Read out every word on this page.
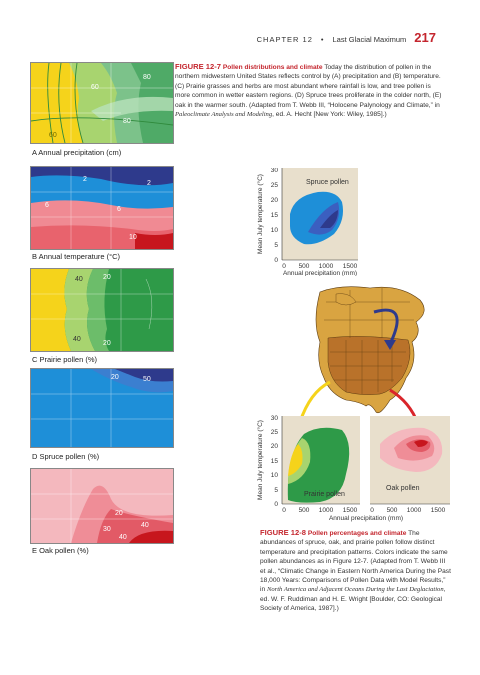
CHAPTER 12 • Last Glacial Maximum 217
80
60
80
60
A Annual precipitation (cm)
2
2
6
6
10
B Annual temperature (°C)
40	20
40
20
C Prairie pollen (%)
20	50
D Spruce pollen (%)
20
30
40
40
E Oak pollen (%)
FIGURE 12-7 Pollen distributions and climate Today the distribution of pollen in the northern midwestern United States reflects control by (A) precipitation and (B) temperature. (C) Prairie grasses and herbs are most abundant where rainfall is low, and tree pollen is more common in wetter eastern regions. (D) Spruce trees proliferate in the colder north, (E) oak in the warmer south. (Adapted from T. Webb III, “Holocene Palynology and Climate,” in Paleoclimate Analysis and Modeling, ed. A. Hecht [New York: Wiley, 1985].)
Spruce pollen
0
5
10
15
20
25
30
0 500 1000 1500
Annual precipitation (mm)
Mean July temperature (°C)
Prairie pollen
Oak pollen
0
5
10
15
20
25
30
0 500 1000 1500 0 500 1000 1500
Annual precipitation (mm)
Mean July temperature (°C)
FIGURE 12-8 Pollen percentages and climate The abundances of spruce, oak, and prairie pollen follow distinct temperature and precipitation patterns. Colors indicate the same pollen abundances as in Figure 12-7. (Adapted from T. Webb III et al., “Climatic Change in Eastern North America During the Past 18,000 Years: Comparisons of Pollen Data with Model Results,” in North America and Adjacent Oceans During the Last Deglaciation, ed. W. F. Ruddiman and H. E. Wright [Boulder, CO: Geological Society of America, 1987].)
